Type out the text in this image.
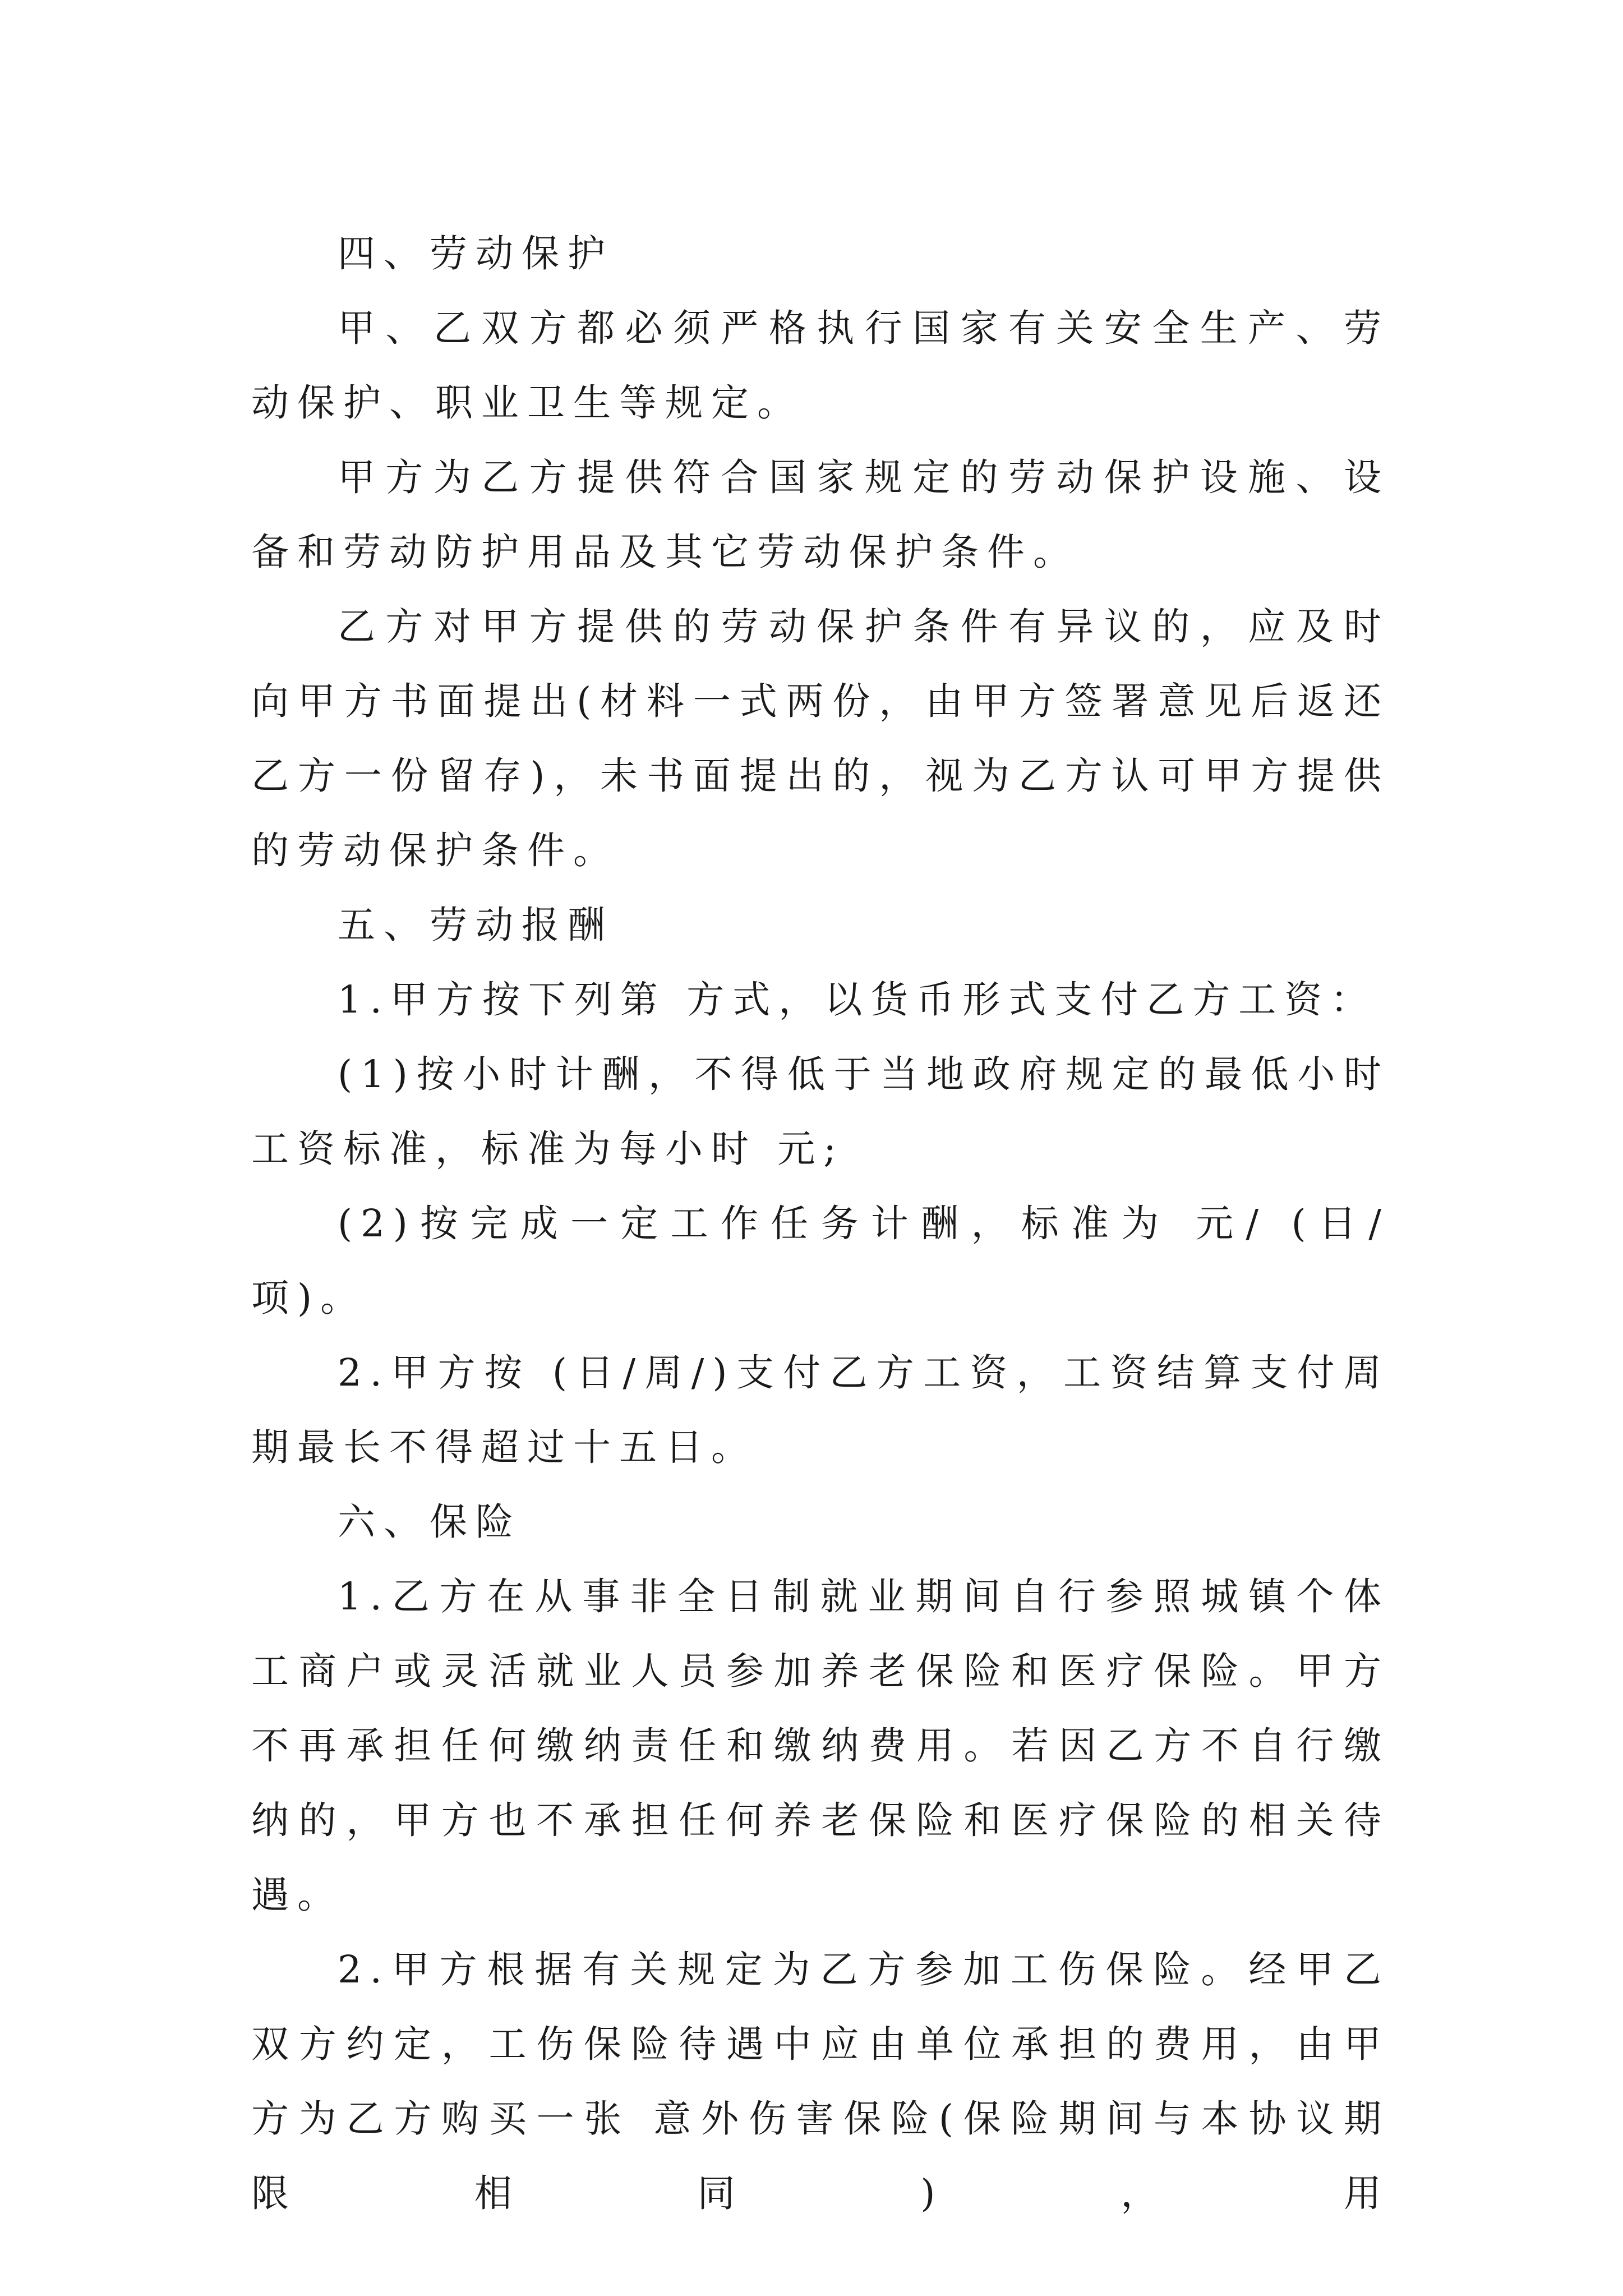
四、劳动保护

甲、乙双方都必须严格执行国家有关安全生产、劳动保护、职业卫生等规定。

甲方为乙方提供符合国家规定的劳动保护设施、设备和劳动防护用品及其它劳动保护条件。

乙方对甲方提供的劳动保护条件有异议的，应及时向甲方书面提出(材料一式两份，由甲方签署意见后返还乙方一份留存)，未书面提出的，视为乙方认可甲方提供的劳动保护条件。

五、劳动报酬

1.甲方按下列第 方式，以货币形式支付乙方工资：

(1)按小时计酬，不得低于当地政府规定的最低小时工资标准，标准为每小时 元;

(2)按完成一定工作任务计酬，标准为 元/ (日/项)。

2.甲方按 (日/周/)支付乙方工资，工资结算支付周期最长不得超过十五日。

六、保险

1.乙方在从事非全日制就业期间自行参照城镇个体工商户或灵活就业人员参加养老保险和医疗保险。甲方不再承担任何缴纳责任和缴纳费用。若因乙方不自行缴纳的，甲方也不承担任何养老保险和医疗保险的相关待遇。

2.甲方根据有关规定为乙方参加工伤保险。经甲乙双方约定，工伤保险待遇中应由单位承担的费用，由甲方为乙方购买一张 意外伤害保险(保险期间与本协议期限相同)，用
